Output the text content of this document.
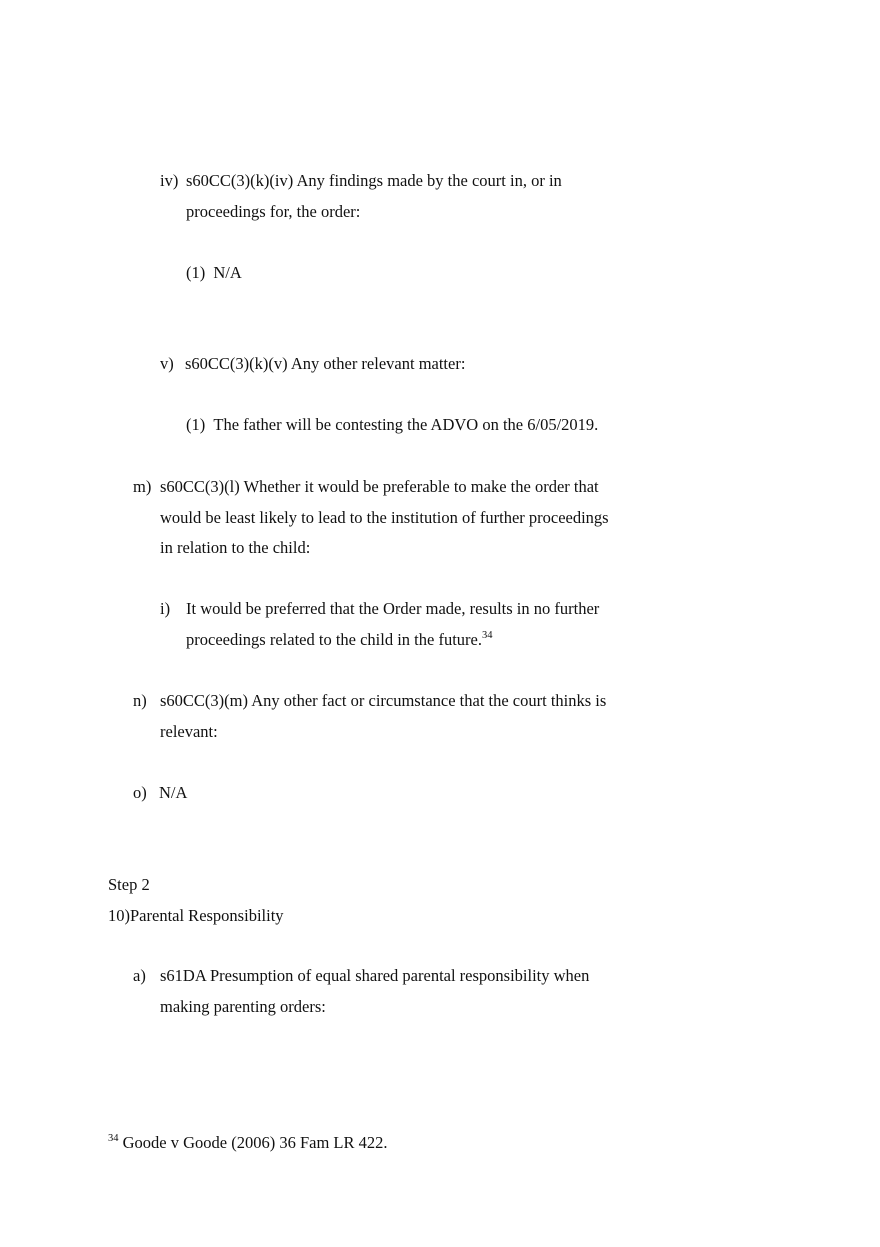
iv) s60CC(3)(k)(iv) Any findings made by the court in, or in
proceedings for, the order:
(1) N/A
v) s60CC(3)(k)(v) Any other relevant matter:
(1) The father will be contesting the ADVO on the 6/05/2019.
m) s60CC(3)(l) Whether it would be preferable to make the order that
would be least likely to lead to the institution of further proceedings
in relation to the child:
i) It would be preferred that the Order made, results in no further
proceedings related to the child in the future.$^{34}$
n) s60CC(3)(m) Any other fact or circumstance that the court thinks is
relevant:
o) N/A
Step 2
10)Parental Responsibility
a) s61DA Presumption of equal shared parental responsibility when
making parenting orders:
$^{34}$ Goode v Goode (2006) 36 Fam LR 422.
